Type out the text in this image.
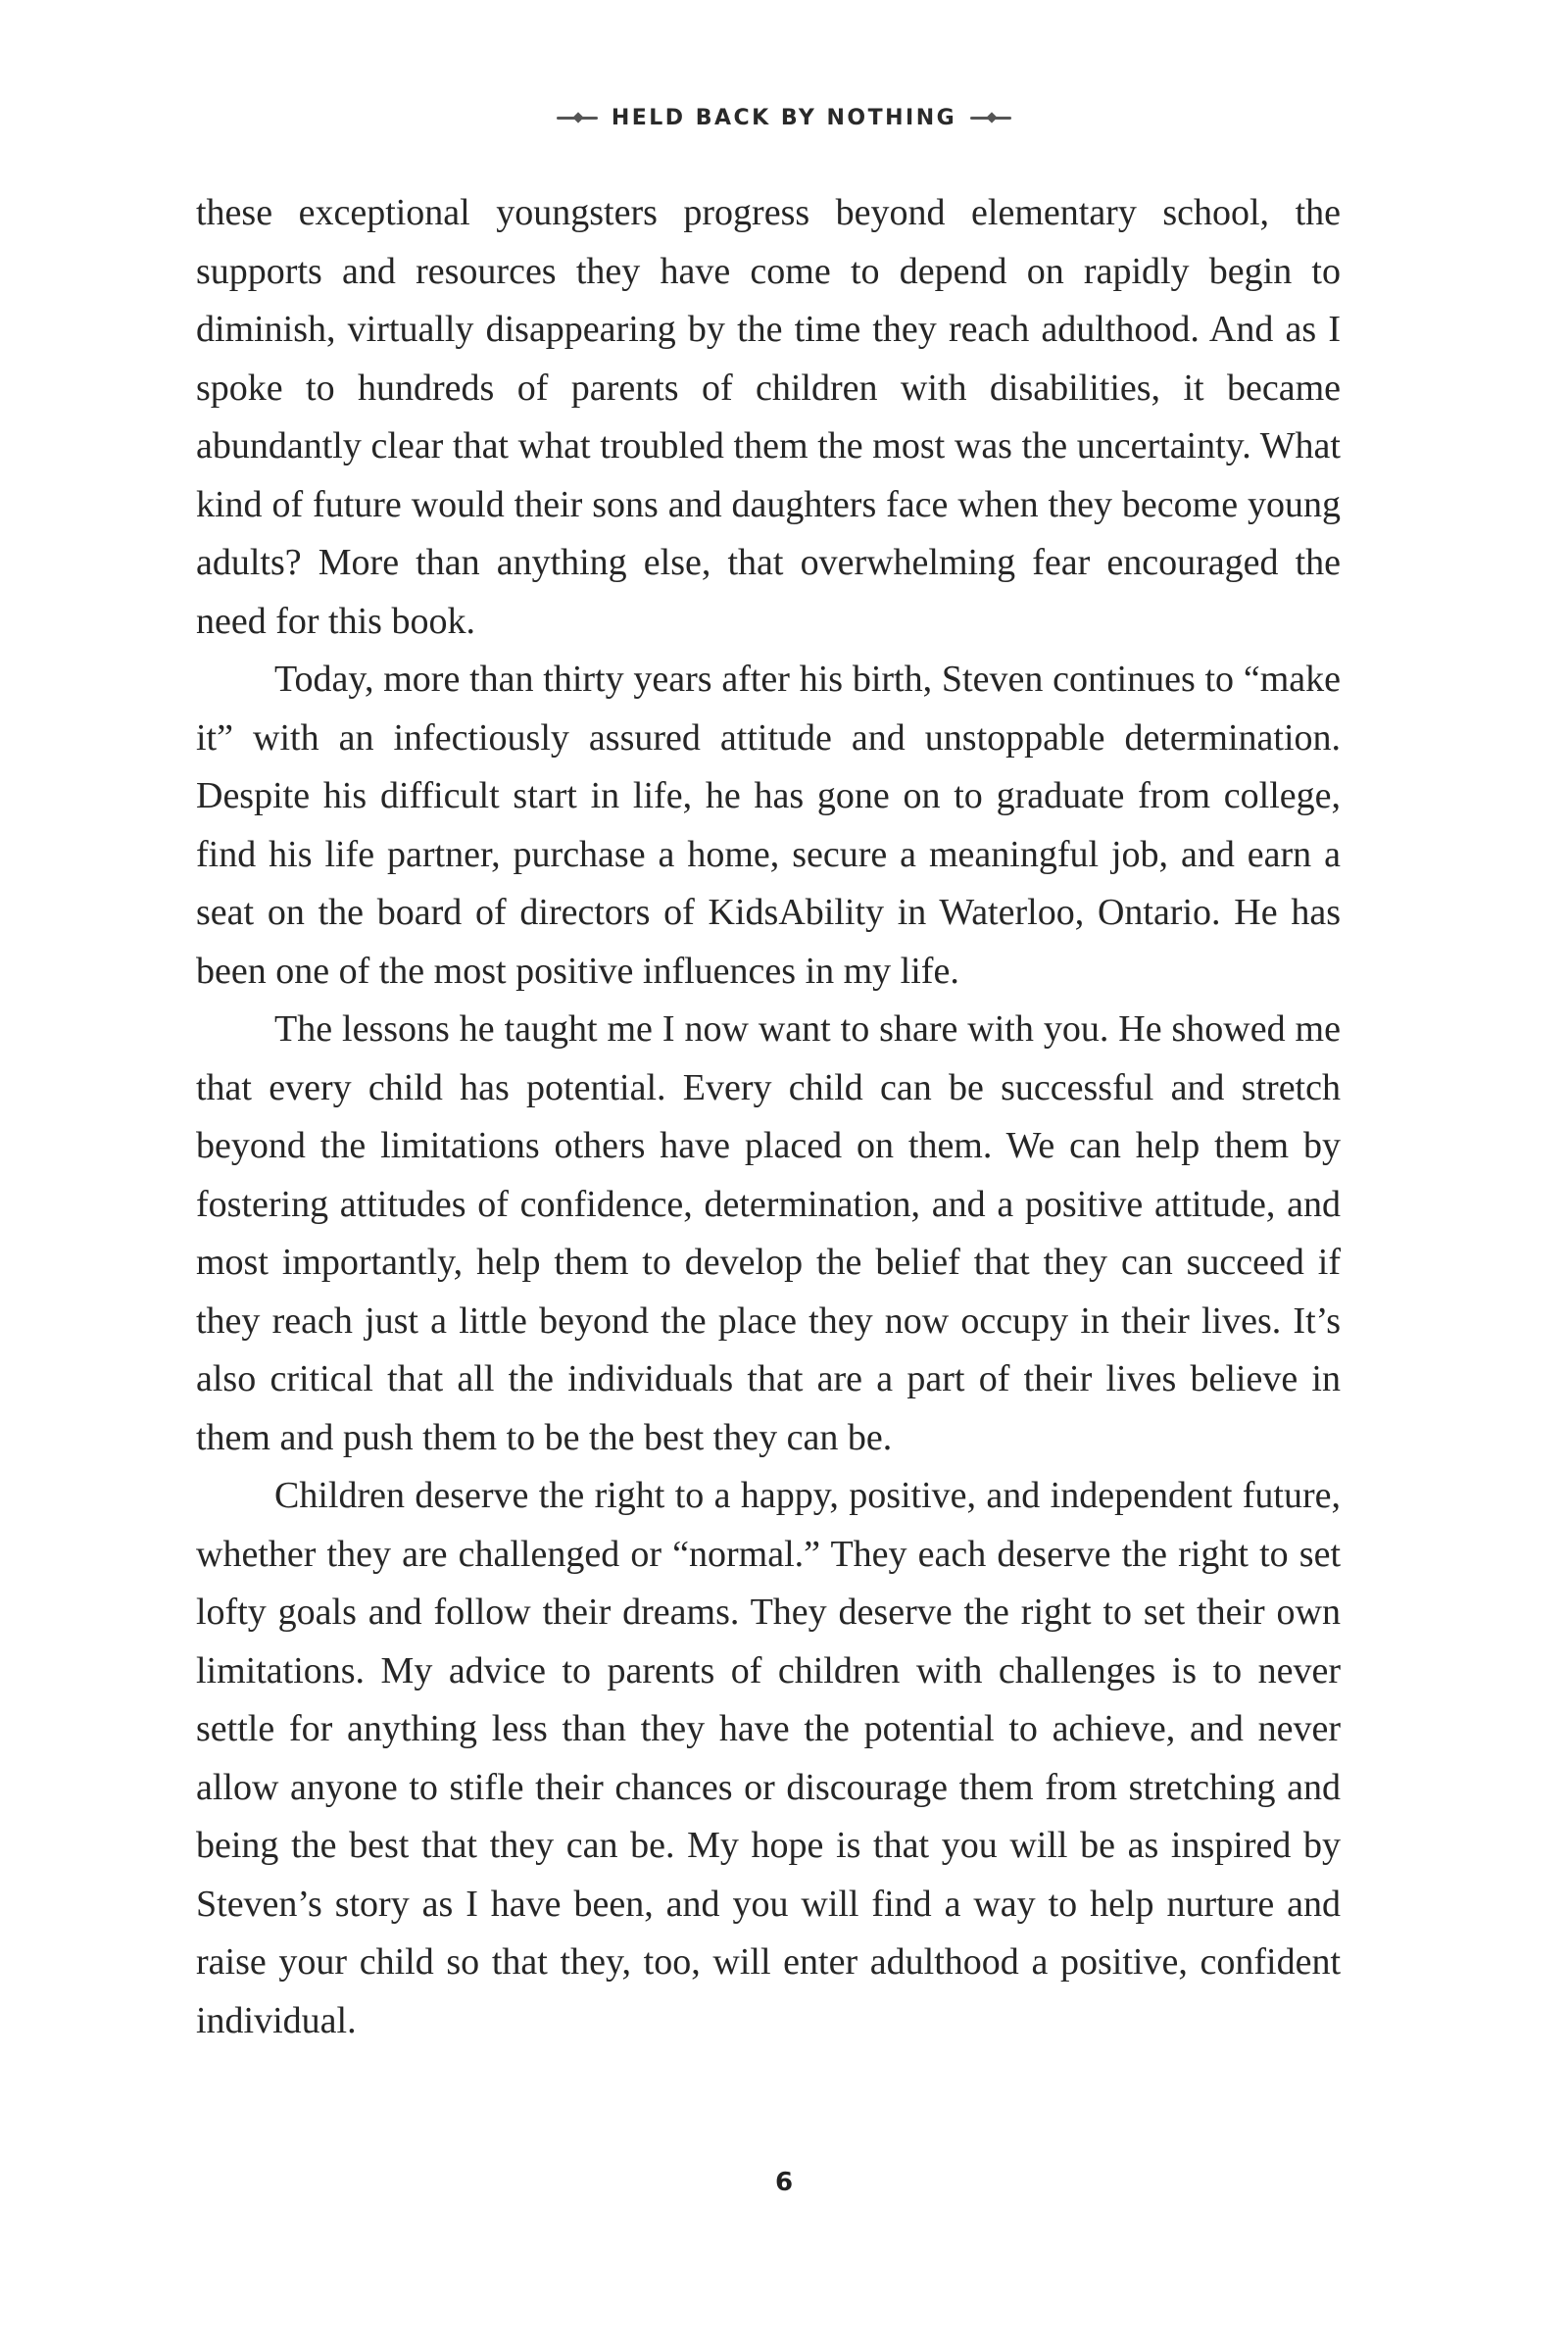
HELD BACK BY NOTHING

these exceptional youngsters progress beyond elementary school, the supports and resources they have come to depend on rapidly begin to diminish, virtually disappearing by the time they reach adulthood. And as I spoke to hundreds of parents of children with disabilities, it became abundantly clear that what troubled them the most was the uncertainty. What kind of future would their sons and daughters face when they become young adults? More than anything else, that overwhelming fear encouraged the need for this book.

Today, more than thirty years after his birth, Steven continues to “make it” with an infectiously assured attitude and unstoppable determination. Despite his difficult start in life, he has gone on to graduate from college, find his life partner, purchase a home, secure a meaningful job, and earn a seat on the board of directors of KidsAbility in Waterloo, Ontario. He has been one of the most positive influences in my life.

The lessons he taught me I now want to share with you. He showed me that every child has potential. Every child can be successful and stretch beyond the limitations others have placed on them. We can help them by fostering attitudes of confidence, determination, and a positive attitude, and most importantly, help them to develop the belief that they can succeed if they reach just a little beyond the place they now occupy in their lives. It’s also critical that all the individuals that are a part of their lives believe in them and push them to be the best they can be.

Children deserve the right to a happy, positive, and independent future, whether they are challenged or “normal.” They each deserve the right to set lofty goals and follow their dreams. They deserve the right to set their own limitations. My advice to parents of children with challenges is to never settle for anything less than they have the potential to achieve, and never allow anyone to stifle their chances or discourage them from stretching and being the best that they can be. My hope is that you will be as inspired by Steven’s story as I have been, and you will find a way to help nurture and raise your child so that they, too, will enter adulthood a positive, confident individual.

6
